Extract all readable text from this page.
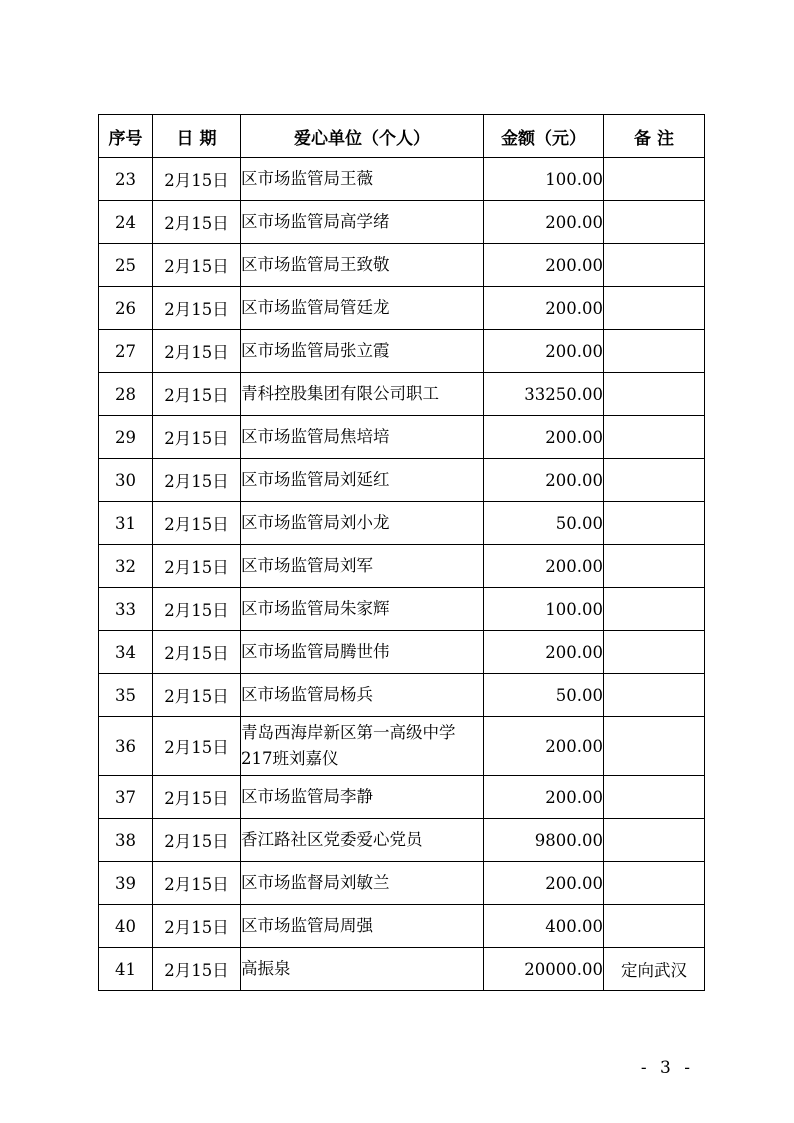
序号	日 期	爱心单位（个人）	金额（元）	备 注
23	2月15日	区市场监管局王薇	100.00	
24	2月15日	区市场监管局高学绪	200.00	
25	2月15日	区市场监管局王致敬	200.00	
26	2月15日	区市场监管局管廷龙	200.00	
27	2月15日	区市场监管局张立霞	200.00	
28	2月15日	青科控股集团有限公司职工	33250.00	
29	2月15日	区市场监管局焦培培	200.00	
30	2月15日	区市场监管局刘延红	200.00	
31	2月15日	区市场监管局刘小龙	50.00	
32	2月15日	区市场监管局刘军	200.00	
33	2月15日	区市场监管局朱家辉	100.00	
34	2月15日	区市场监管局腾世伟	200.00	
35	2月15日	区市场监管局杨兵	50.00	
36	2月15日	青岛西海岸新区第一高级中学217班刘嘉仪	200.00	
37	2月15日	区市场监管局李静	200.00	
38	2月15日	香江路社区党委爱心党员	9800.00	
39	2月15日	区市场监督局刘敏兰	200.00	
40	2月15日	区市场监管局周强	400.00	
41	2月15日	高振泉	20000.00	定向武汉
- 3 -
